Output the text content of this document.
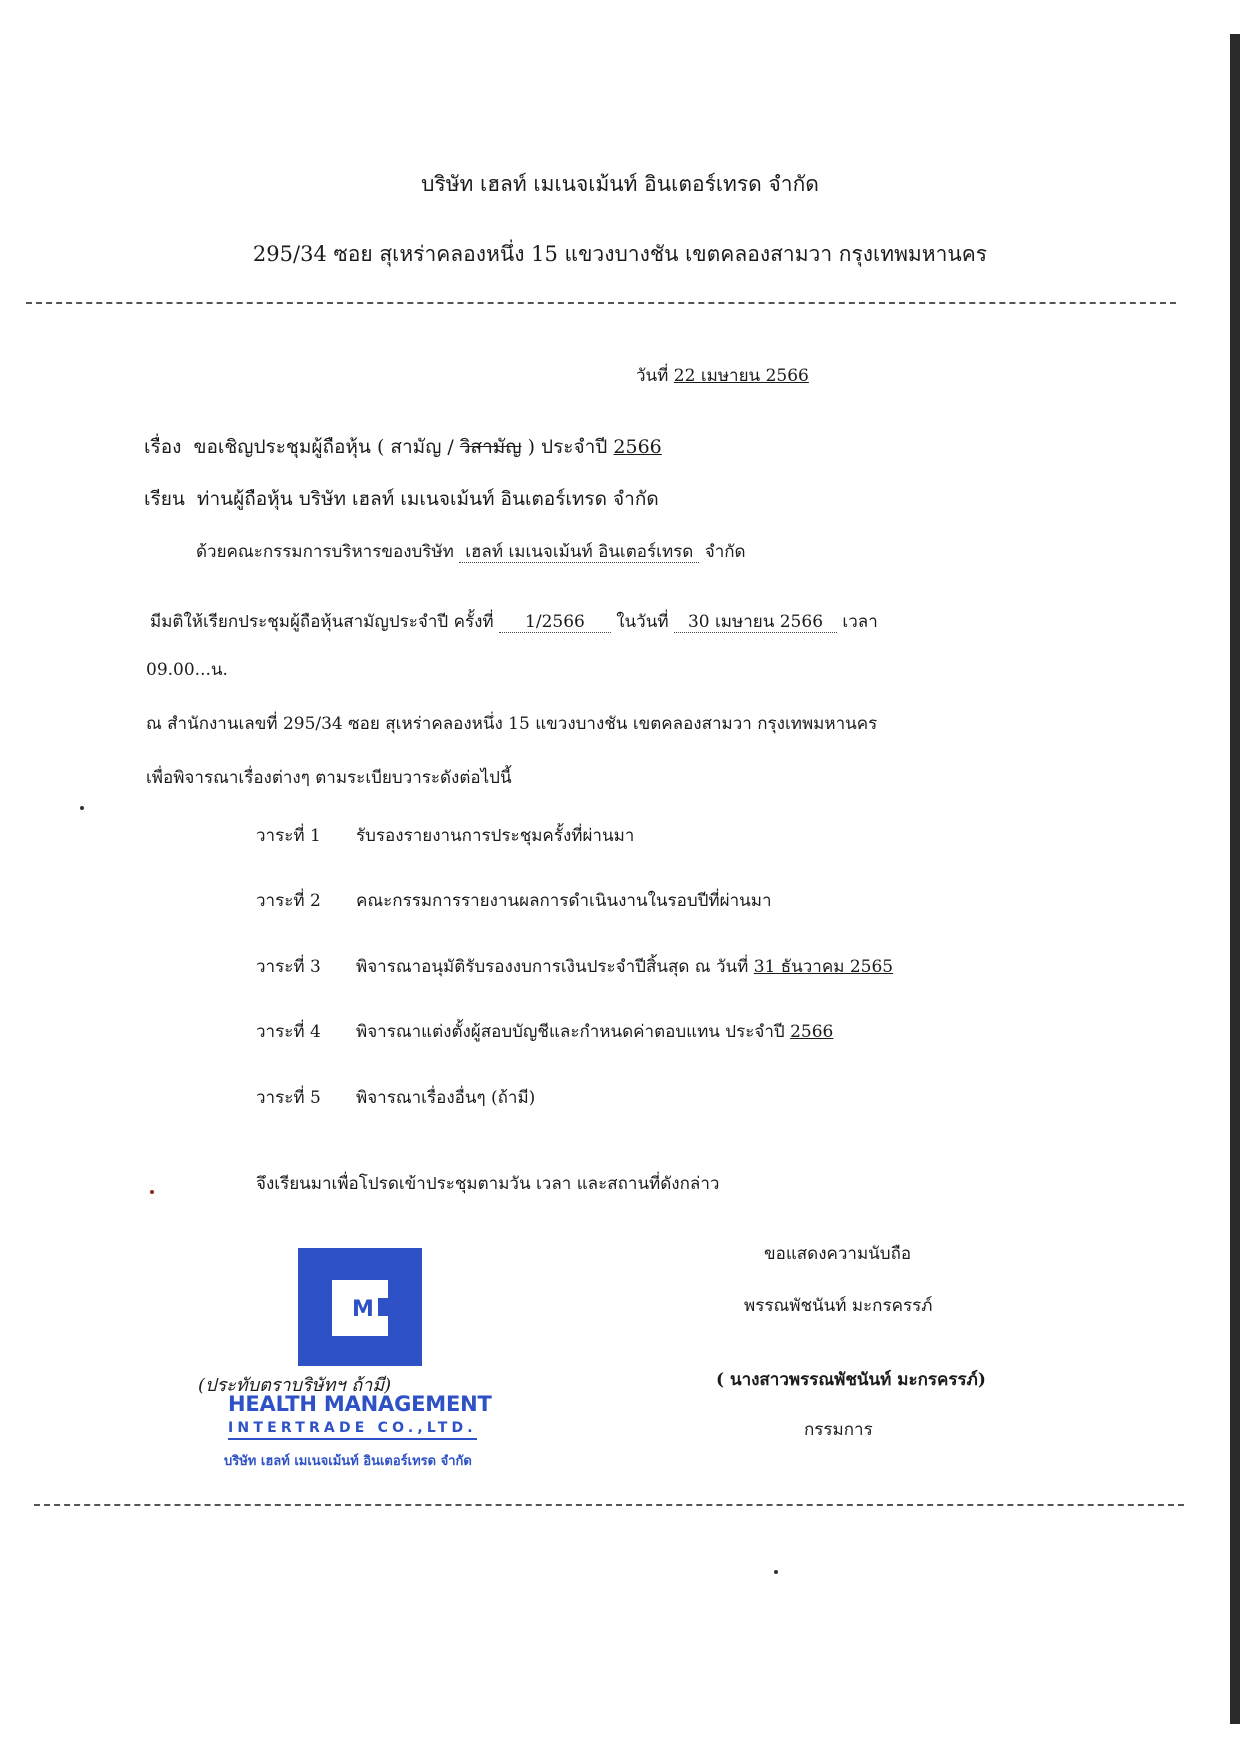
บริษัท เฮลท์ เมเนจเม้นท์ อินเตอร์เทรด จำกัด
295/34 ซอย สุเหร่าคลองหนึ่ง 15 แขวงบางชัน เขตคลองสามวา กรุงเทพมหานคร
วันที่ 22 เมษายน 2566
เรื่อง ขอเชิญประชุมผู้ถือหุ้น ( สามัญ / วิสามัญ ) ประจำปี 2566
เรียน ท่านผู้ถือหุ้น บริษัท เฮลท์ เมเนจเม้นท์ อินเตอร์เทรด จำกัด
ด้วยคณะกรรมการบริหารของบริษัท เฮลท์ เมเนจเม้นท์ อินเตอร์เทรด จำกัด
มีมติให้เรียกประชุมผู้ถือหุ้นสามัญประจำปี ครั้งที่ 1/2566 ในวันที่ 30 เมษายน 2566 เวลา
09.00...น.
ณ สำนักงานเลขที่ 295/34 ซอย สุเหร่าคลองหนึ่ง 15 แขวงบางชัน เขตคลองสามวา กรุงเทพมหานคร
เพื่อพิจารณาเรื่องต่างๆ ตามระเบียบวาระดังต่อไปนี้
วาระที่ 1 รับรองรายงานการประชุมครั้งที่ผ่านมา
วาระที่ 2 คณะกรรมการรายงานผลการดำเนินงานในรอบปีที่ผ่านมา
วาระที่ 3 พิจารณาอนุมัติรับรองงบการเงินประจำปีสิ้นสุด ณ วันที่ 31 ธันวาคม 2565
วาระที่ 4 พิจารณาแต่งตั้งผู้สอบบัญชีและกำหนดค่าตอบแทน ประจำปี 2566
วาระที่ 5 พิจารณาเรื่องอื่นๆ (ถ้ามี)
จึงเรียนมาเพื่อโปรดเข้าประชุมตามวัน เวลา และสถานที่ดังกล่าว
ขอแสดงความนับถือ
พรรณพัชนันท์ มะกรครรภ์
( นางสาวพรรณพัชนันท์ มะกรครรภ์)
กรรมการ
M
(ประทับตราบริษัทฯ ถ้ามี)
HEALTH MANAGEMENT
INTERTRADE CO.,LTD.
บริษัท เฮลท์ เมเนจเม้นท์ อินเตอร์เทรด จำกัด
